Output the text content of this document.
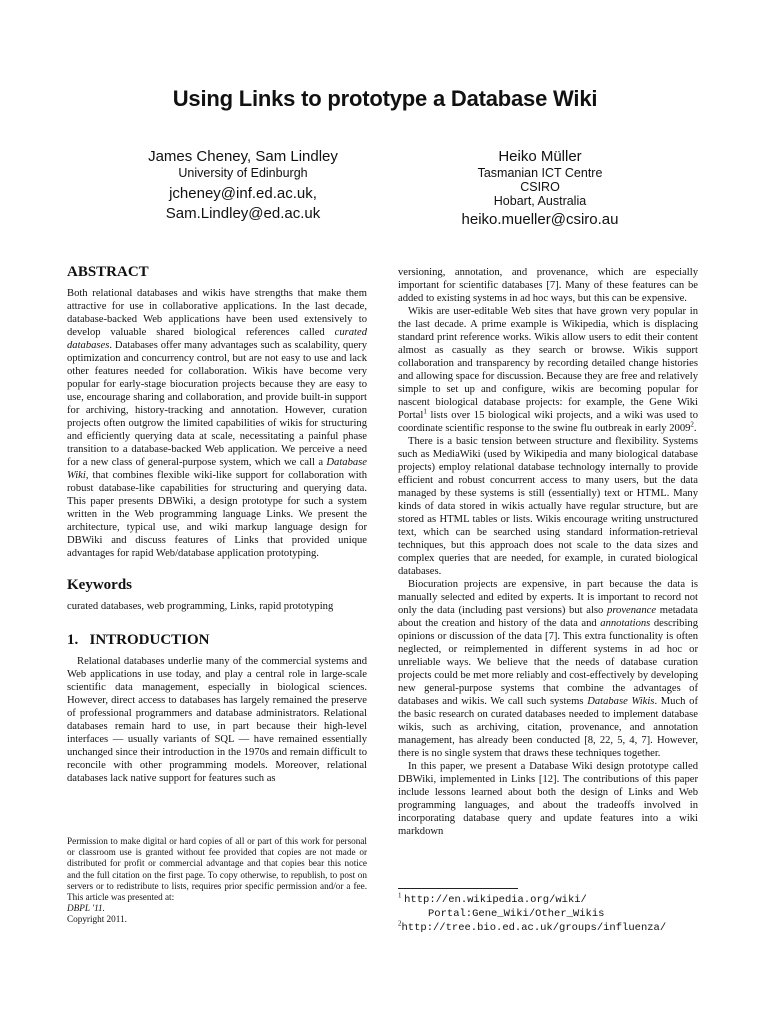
Using Links to prototype a Database Wiki
James Cheney, Sam Lindley
University of Edinburgh
jcheney@inf.ed.ac.uk,
Sam.Lindley@ed.ac.uk
Heiko Müller
Tasmanian ICT Centre
CSIRO
Hobart, Australia
heiko.mueller@csiro.au
ABSTRACT

Both relational databases and wikis have strengths that make them attractive for use in collaborative applications. In the last decade, database-backed Web applications have been used extensively to develop valuable shared biological references called curated databases. Databases offer many advantages such as scalability, query optimization and concurrency control, but are not easy to use and lack other features needed for collaboration. Wikis have become very popular for early-stage biocuration projects because they are easy to use, encourage sharing and collaboration, and provide built-in support for archiving, history-tracking and annotation. However, curation projects often outgrow the limited capabilities of wikis for structuring and efficiently querying data at scale, necessitating a painful phase transition to a database-backed Web application. We perceive a need for a new class of general-purpose system, which we call a Database Wiki, that combines flexible wiki-like support for collaboration with robust database-like capabilities for structuring and querying data. This paper presents DBWiki, a design prototype for such a system written in the Web programming language Links. We present the architecture, typical use, and wiki markup language design for DBWiki and discuss features of Links that provided unique advantages for rapid Web/database application prototyping.

Keywords

curated databases, web programming, Links, rapid prototyping

1.   INTRODUCTION

Relational databases underlie many of the commercial systems and Web applications in use today, and play a central role in large-scale scientific data management, especially in biological sciences. However, direct access to databases has largely remained the preserve of professional programmers and database administrators. Relational databases remain hard to use, in part because their high-level interfaces — usually variants of SQL — have remained essentially unchanged since their introduction in the 1970s and remain difficult to reconcile with other programming models. Moreover, relational databases lack native support for features such as

Permission to make digital or hard copies of all or part of this work for personal or classroom use is granted without fee provided that copies are not made or distributed for profit or commercial advantage and that copies bear this notice and the full citation on the first page. To copy otherwise, to republish, to post on servers or to redistribute to lists, requires prior specific permission and/or a fee. This article was presented at:
DBPL '11.
Copyright 2011.

versioning, annotation, and provenance, which are especially important for scientific databases [7]. Many of these features can be added to existing systems in ad hoc ways, but this can be expensive.

Wikis are user-editable Web sites that have grown very popular in the last decade. A prime example is Wikipedia, which is displacing standard print reference works. Wikis allow users to edit their content almost as casually as they search or browse. Wikis support collaboration and transparency by recording detailed change histories and allowing space for discussion. Because they are free and relatively simple to set up and configure, wikis are becoming popular for nascent biological database projects: for example, the Gene Wiki Portal$^1$ lists over 15 biological wiki projects, and a wiki was used to coordinate scientific response to the swine flu outbreak in early 2009$^2$.

There is a basic tension between structure and flexibility. Systems such as MediaWiki (used by Wikipedia and many biological database projects) employ relational database technology internally to provide efficient and robust concurrent access to many users, but the data managed by these systems is still (essentially) text or HTML. Many kinds of data stored in wikis actually have regular structure, but are stored as HTML tables or lists. Wikis encourage writing unstructured text, which can be searched using standard information-retrieval techniques, but this approach does not scale to the data sizes and complex queries that are needed, for example, in curated biological databases.

Biocuration projects are expensive, in part because the data is manually selected and edited by experts. It is important to record not only the data (including past versions) but also provenance metadata about the creation and history of the data and annotations describing opinions or discussion of the data [7]. This extra functionality is often neglected, or reimplemented in different systems in ad hoc or unreliable ways. We believe that the needs of database curation projects could be met more reliably and cost-effectively by developing new general-purpose systems that combine the advantages of databases and wikis. We call such systems Database Wikis. Much of the basic research on curated databases needed to implement database wikis, such as archiving, citation, provenance, and annotation management, has already been conducted [8, 22, 5, 4, 7]. However, there is no single system that draws these techniques together.

In this paper, we present a Database Wiki design prototype called DBWiki, implemented in Links [12]. The contributions of this paper include lessons learned about both the design of Links and Web programming languages, and about the tradeoffs involved in incorporating database query and update features into a wiki markdown

$^1$ http://en.wikipedia.org/wiki/
Portal:Gene_Wiki/Other_Wikis
$^2$http://tree.bio.ed.ac.uk/groups/influenza/
